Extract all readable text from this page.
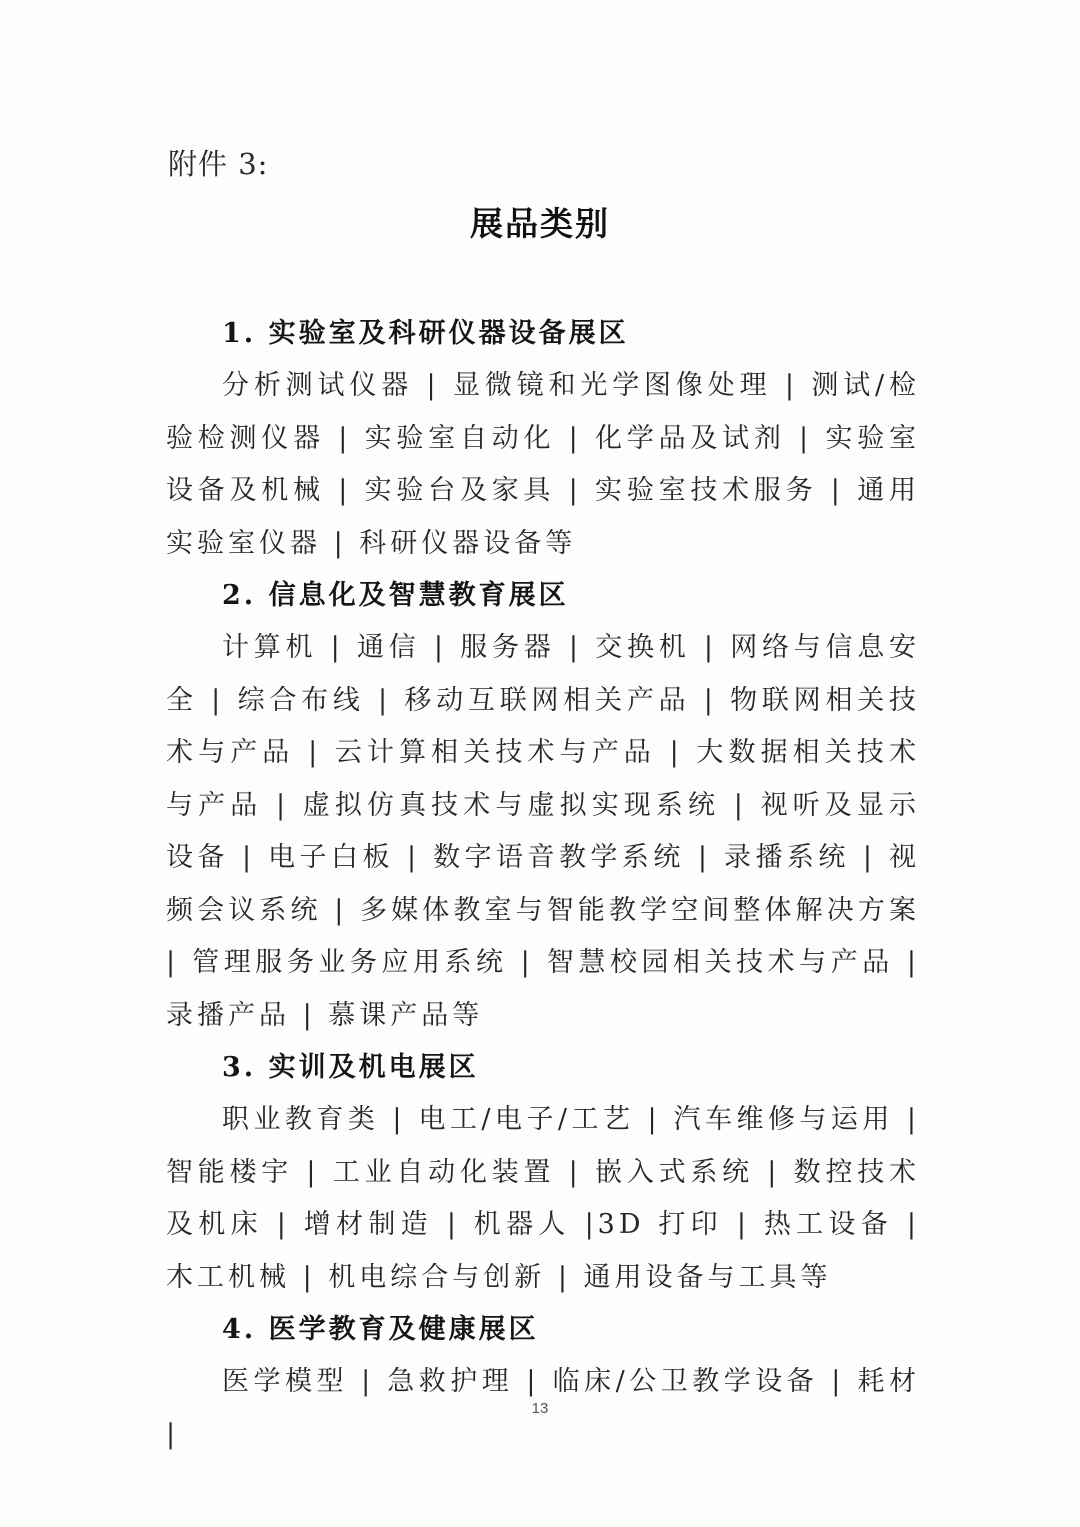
附件 3:
展品类别
1. 实验室及科研仪器设备展区

分析测试仪器 | 显微镜和光学图像处理 | 测试/检验检测仪器 | 实验室自动化 | 化学品及试剂 | 实验室设备及机械 | 实验台及家具 | 实验室技术服务 | 通用实验室仪器 | 科研仪器设备等

2. 信息化及智慧教育展区

计算机 | 通信 | 服务器 | 交换机 | 网络与信息安全 | 综合布线 | 移动互联网相关产品 | 物联网相关技术与产品 | 云计算相关技术与产品 | 大数据相关技术与产品 | 虚拟仿真技术与虚拟实现系统 | 视听及显示设备 | 电子白板 | 数字语音教学系统 | 录播系统 | 视频会议系统 | 多媒体教室与智能教学空间整体解决方案 | 管理服务业务应用系统 | 智慧校园相关技术与产品 | 录播产品 | 慕课产品等

3. 实训及机电展区

职业教育类 | 电工/电子/工艺 | 汽车维修与运用 | 智能楼宇 | 工业自动化装置 | 嵌入式系统 | 数控技术及机床 | 增材制造 | 机器人 |3D 打印 | 热工设备 | 木工机械 | 机电综合与创新 | 通用设备与工具等

4. 医学教育及健康展区

医学模型 | 急救护理 | 临床/公卫教学设备 | 耗材 |

13
